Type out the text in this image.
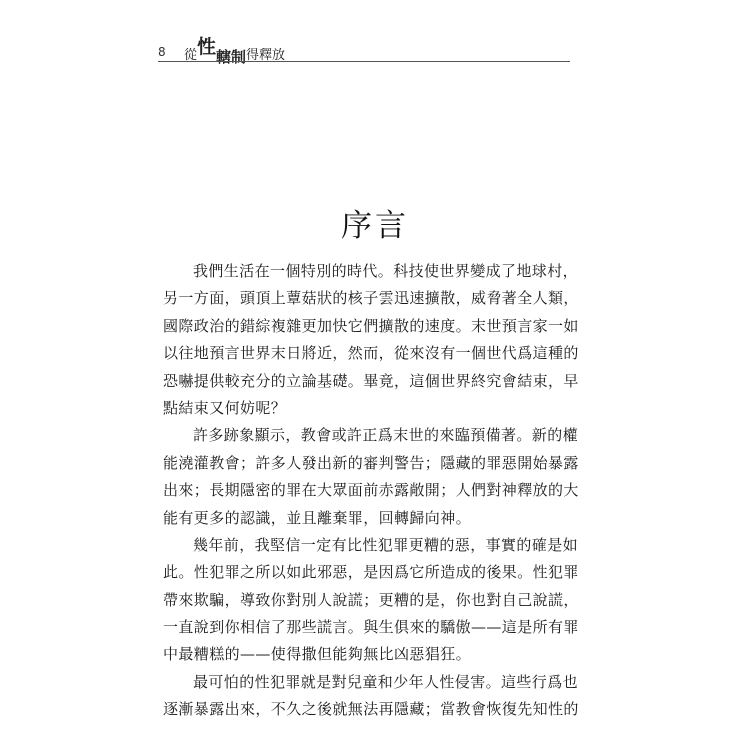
8 從性轄制得釋放
序言
我們生活在一個特別的時代。科技使世界變成了地球村，
另一方面，頭頂上蕈菇狀的核子雲迅速擴散，威脅著全人類，
國際政治的錯綜複雜更加快它們擴散的速度。末世預言家一如
以往地預言世界末日將近，然而，從來沒有一個世代爲這種的
恐嚇提供較充分的立論基礎。畢竟，這個世界終究會結束，早
點結束又何妨呢？
許多跡象顯示，教會或許正爲末世的來臨預備著。新的權
能澆灌教會；許多人發出新的審判警告；隱藏的罪惡開始暴露
出來；長期隱密的罪在大眾面前赤露敞開；人們對神釋放的大
能有更多的認識，並且離棄罪，回轉歸向神。
幾年前，我堅信一定有比性犯罪更糟的惡，事實的確是如
此。性犯罪之所以如此邪惡，是因爲它所造成的後果。性犯罪
帶來欺騙，導致你對別人說謊；更糟的是，你也對自己說謊，
一直說到你相信了那些謊言。與生俱來的驕傲——這是所有罪
中最糟糕的——使得撒但能夠無比凶惡猖狂。
最可怕的性犯罪就是對兒童和少年人性侵害。這些行爲也
逐漸暴露出來，不久之後就無法再隱藏；當教會恢復先知性的
